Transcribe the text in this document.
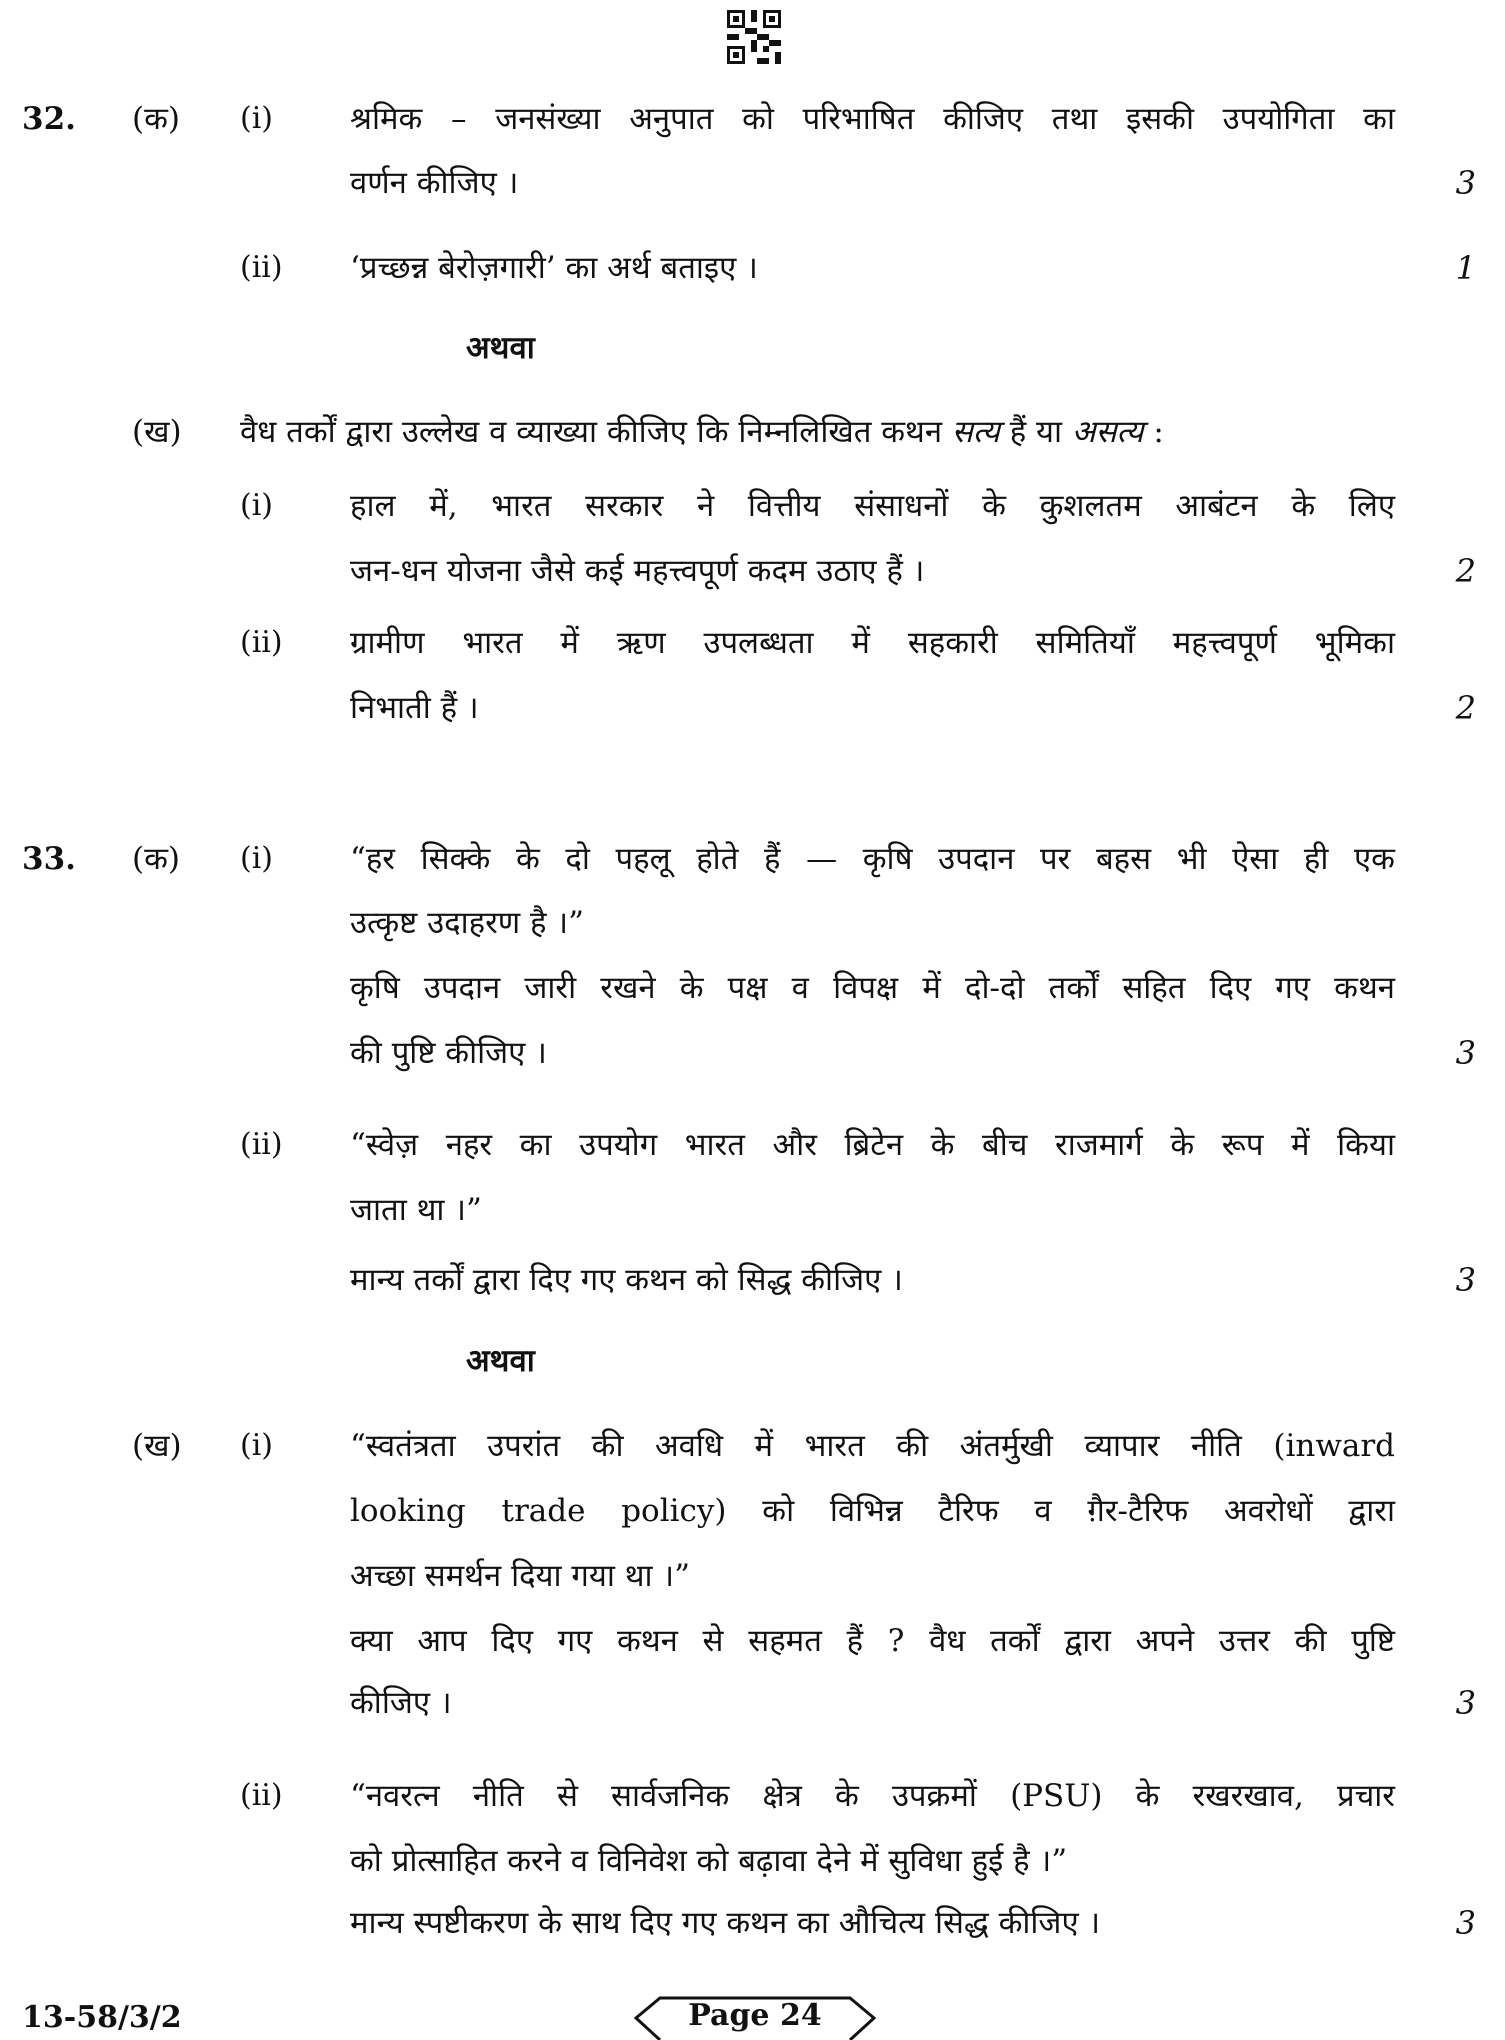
32. (क) (i) श्रमिक – जनसंख्या अनुपात को परिभाषित कीजिए तथा इसकी उपयोगिता का
वर्णन कीजिए ।	3
(ii) ‘प्रच्छन्न बेरोज़गारी’ का अर्थ बताइए ।	1
अथवा
(ख) वैध तर्कों द्वारा उल्लेख व व्याख्या कीजिए कि निम्नलिखित कथन सत्य हैं या असत्य :
(i) हाल में, भारत सरकार ने वित्तीय संसाधनों के कुशलतम आबंटन के लिए
जन-धन योजना जैसे कई महत्त्वपूर्ण कदम उठाए हैं ।	2
(ii) ग्रामीण भारत में ऋण उपलब्धता में सहकारी समितियाँ महत्त्वपूर्ण भूमिका
निभाती हैं ।	2
33. (क) (i) “हर सिक्के के दो पहलू होते हैं — कृषि उपदान पर बहस भी ऐसा ही एक
उत्कृष्ट उदाहरण है ।”
कृषि उपदान जारी रखने के पक्ष व विपक्ष में दो-दो तर्कों सहित दिए गए कथन
की पुष्टि कीजिए ।	3
(ii) “स्वेज़ नहर का उपयोग भारत और ब्रिटेन के बीच राजमार्ग के रूप में किया
जाता था ।”
मान्य तर्कों द्वारा दिए गए कथन को सिद्ध कीजिए ।	3
अथवा
(ख) (i) “स्वतंत्रता उपरांत की अवधि में भारत की अंतर्मुखी व्यापार नीति (inward
looking trade policy) को विभिन्न टैरिफ व ग़ैर-टैरिफ अवरोधों द्वारा
अच्छा समर्थन दिया गया था ।”
क्या आप दिए गए कथन से सहमत हैं ? वैध तर्कों द्वारा अपने उत्तर की पुष्टि
कीजिए ।	3
(ii) “नवरत्न नीति से सार्वजनिक क्षेत्र के उपक्रमों (PSU) के रखरखाव, प्रचार
को प्रोत्साहित करने व विनिवेश को बढ़ावा देने में सुविधा हुई है ।”
मान्य स्पष्टीकरण के साथ दिए गए कथन का औचित्य सिद्ध कीजिए ।	3
13-58/3/2	Page 24
